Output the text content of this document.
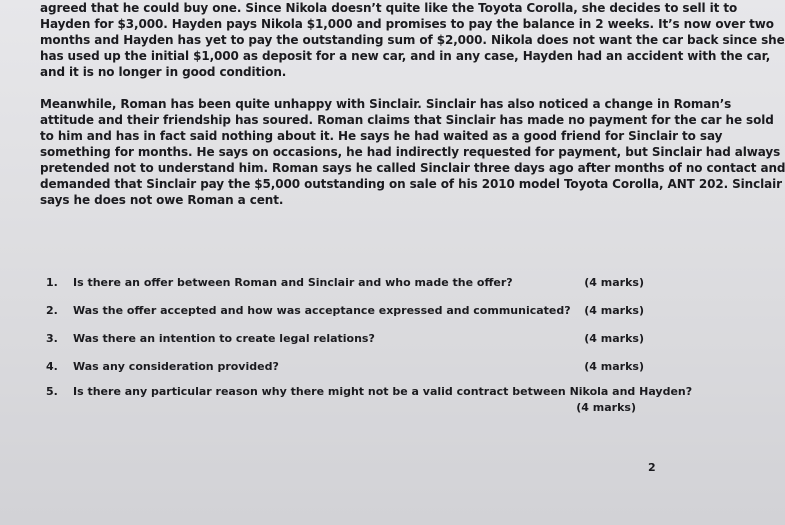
agreed that he could buy one. Since Nikola doesn’t quite like the Toyota Corolla, she decides to sell it to
Hayden for $3,000. Hayden pays Nikola $1,000 and promises to pay the balance in 2 weeks. It’s now over two
months and Hayden has yet to pay the outstanding sum of $2,000. Nikola does not want the car back since she
has used up the initial $1,000 as deposit for a new car, and in any case, Hayden had an accident with the car,
and it is no longer in good condition.
Meanwhile, Roman has been quite unhappy with Sinclair. Sinclair has also noticed a change in Roman’s
attitude and their friendship has soured. Roman claims that Sinclair has made no payment for the car he sold
to him and has in fact said nothing about it. He says he had waited as a good friend for Sinclair to say
something for months. He says on occasions, he had indirectly requested for payment, but Sinclair had always
pretended not to understand him. Roman says he called Sinclair three days ago after months of no contact and
demanded that Sinclair pay the $5,000 outstanding on sale of his 2010 model Toyota Corolla, ANT 202. Sinclair
says he does not owe Roman a cent.
1. Is there an offer between Roman and Sinclair and who made the offer?	(4 marks)
2. Was the offer accepted and how was acceptance expressed and communicated? (4 marks)
3. Was there an intention to create legal relations?	(4 marks)
4. Was any consideration provided?	(4 marks)
5. Is there any particular reason why there might not be a valid contract between Nikola and Hayden?
(4 marks)
2
